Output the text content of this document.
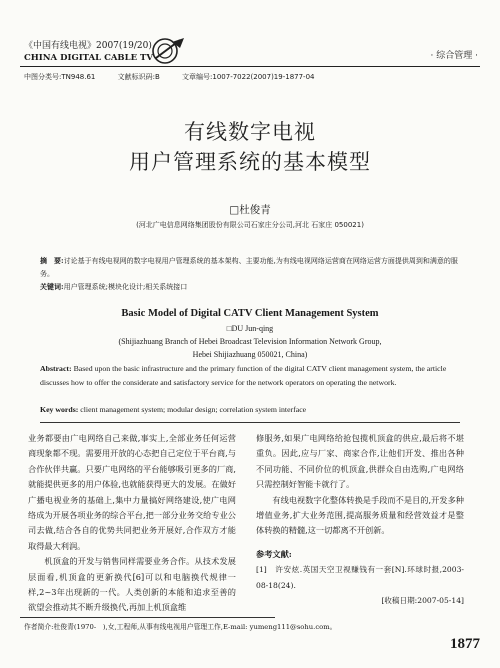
《中国有线电视》2007(19/20)
CHINA DIGITAL CABLE TV	· 综合管理 ·
中图分类号:TN948.61	文献标识码:B	文章编号:1007-7022(2007)19-1877-04
有线数字电视
用户管理系统的基本模型
□杜俊青
(河北广电信息网络集团股份有限公司石家庄分公司,河北 石家庄 050021)
摘　要:讨论基于有线电视网的数字电视用户管理系统的基本架构、主要功能,为有线电视网络运营商在网络运营方面提供周到和满意的服务。
关键词:用户管理系统;模块化设计;相关系统接口
Basic Model of Digital CATV Client Management System
□DU Jun-qing
(Shijiazhuang Branch of Hebei Broadcast Television Information Network Group,
Hebei Shijiazhuang 050021, China)
Abstract: Based upon the basic infrastructure and the primary function of the digital CATV client management system, the article discusses how to offer the considerate and satisfactory service for the network operators on operating the network.
Key words: client management system; modular design; correlation system interface

业务都要由广电网络自己来做,事实上,全部业务任何运营商现象都不现。需要用开放的心态把自己定位于平台商,与合作伙伴共赢。只要广电网络的平台能够吸引更多的厂商,就能提供更多的用户体验,也就能获得更大的发展。在做好广播电视业务的基础上,集中力量搞好网络建设,使广电网络成为开展各项业务的综合平台,把一部分业务交给专业公司去做,结合各自的优势共同把业务开展好,合作双方才能取得最大利润。

机顶盒的开发与销售同样需要业务合作。从技术发展层面看,机顶盒的更新换代[6]可以和电脑换代规律一样,2~3年出现新的一代。人类创新的本能和追求至善的欲望会推动其不断升级换代,再加上机顶盒维

修服务,如果广电网络给抢包揽机顶盒的供应,最后将不堪重负。因此,应与厂家、商家合作,让他们开发、推出各种不同功能、不同价位的机顶盒,供群众自由选购,广电网络只需控制好智能卡就行了。

有线电视数字化整体转换是手段而不是目的,开发多种增值业务,扩大业务范围,提高服务质量和经营效益才是整体转换的精髓,这一切都离不开创新。

参考文献:

[1]　许安炫.英国天空卫视赚钱有一套[N].环球时报,2003-08-18(24).

[收稿日期:2007-05-14]

作者简介:杜俊青(1970-　),女,工程师,从事有线电视用户管理工作,E-mail: yumeng111@sohu.com。
1877
